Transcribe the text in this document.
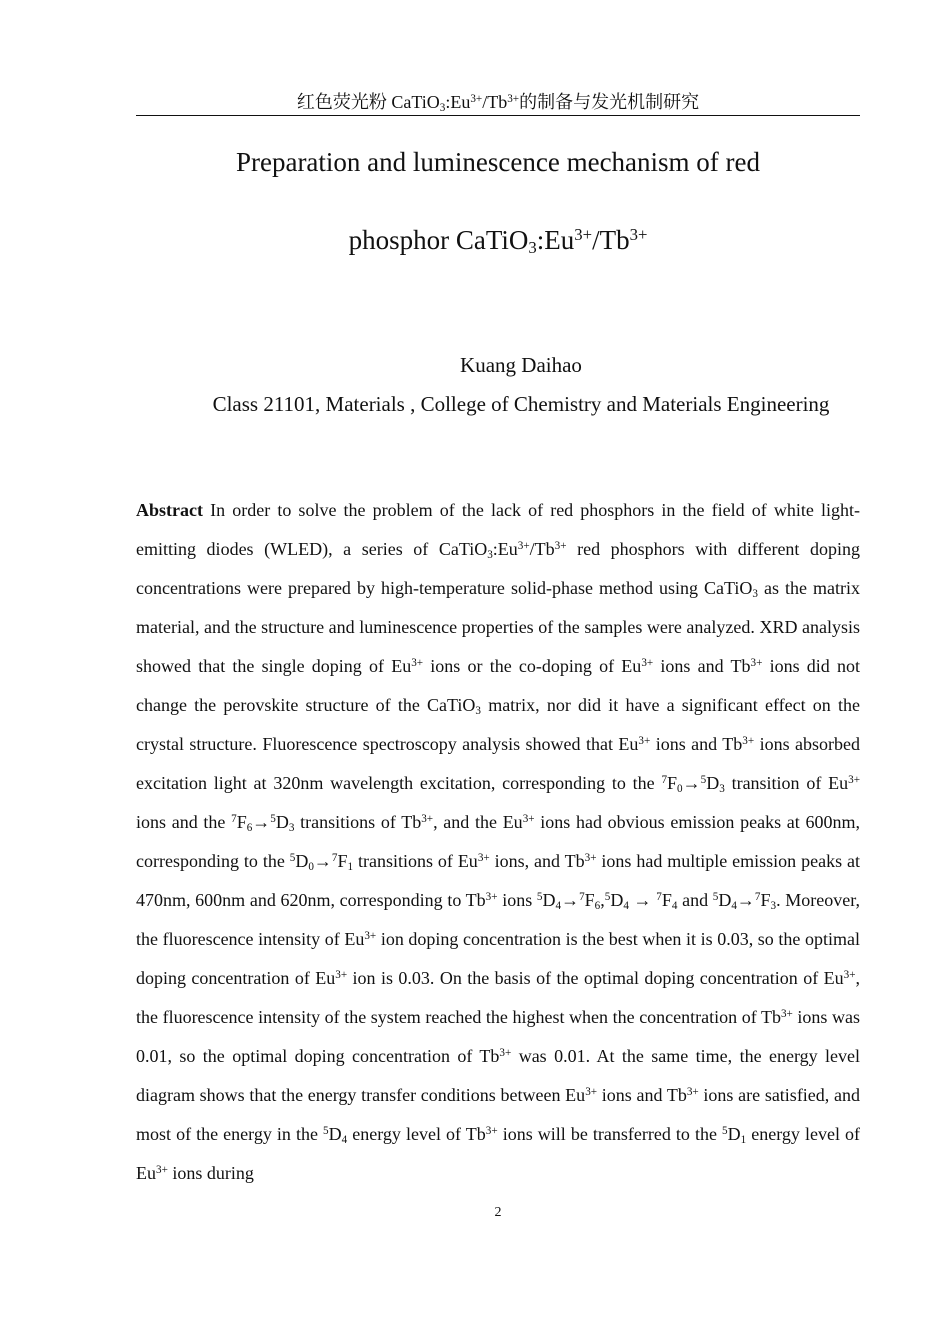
红色荧光粉 $CaTiO_3:Eu^{3+}/Tb^{3+}$的制备与发光机制研究
Preparation and luminescence mechanism of red
phosphor $CaTiO_3:Eu^{3+}/Tb^{3+}$
Kuang Daihao
Class 21101, Materials , College of Chemistry and Materials Engineering
Abstract In order to solve the problem of the lack of red phosphors in the field of white light-emitting diodes (WLED), a series of $CaTiO_3:Eu^{3+}/Tb^{3+}$ red phosphors with different doping concentrations were prepared by high-temperature solid-phase method using CaTiO$_3$ as the matrix material, and the structure and luminescence properties of the samples were analyzed. XRD analysis showed that the single doping of $Eu^{3+}$ ions or the co-doping of $Eu^{3+}$ ions and $Tb^{3+}$ ions did not change the perovskite structure of the CaTiO$_3$ matrix, nor did it have a significant effect on the crystal structure. Fluorescence spectroscopy analysis showed that $Eu^{3+}$ ions and $Tb^{3+}$ ions absorbed excitation light at 320nm wavelength excitation, corresponding to the $^7F_0\to^5D_3$ transition of $Eu^{3+}$ ions and the $^7F_6\to^5D_3$ transitions of $Tb^{3+}$, and the $Eu^{3+}$ ions had obvious emission peaks at 600nm, corresponding to the $^5D_0\to^7F_1$ transitions of $Eu^{3+}$ ions, and $Tb^{3+}$ ions had multiple emission peaks at 470nm, 600nm and 620nm, corresponding to $Tb^{3+}$ ions $^5D_4\to^7F_6,^5D_4 \to ^7F_4$ and $^5D_4\to^7F_3$. Moreover, the fluorescence intensity of $Eu^{3+}$ ion doping concentration is the best when it is 0.03, so the optimal doping concentration of $Eu^{3+}$ ion is 0.03. On the basis of the optimal doping concentration of $Eu^{3+}$, the fluorescence intensity of the system reached the highest when the concentration of $Tb^{3+}$ ions was 0.01, so the optimal doping concentration of $Tb^{3+}$ was 0.01. At the same time, the energy level diagram shows that the energy transfer conditions between $Eu^{3+}$ ions and $Tb^{3+}$ ions are satisfied, and most of the energy in the $^5D_4$ energy level of $Tb^{3+}$ ions will be transferred to the $^5D_1$ energy level of $Eu^{3+}$ ions during
2
